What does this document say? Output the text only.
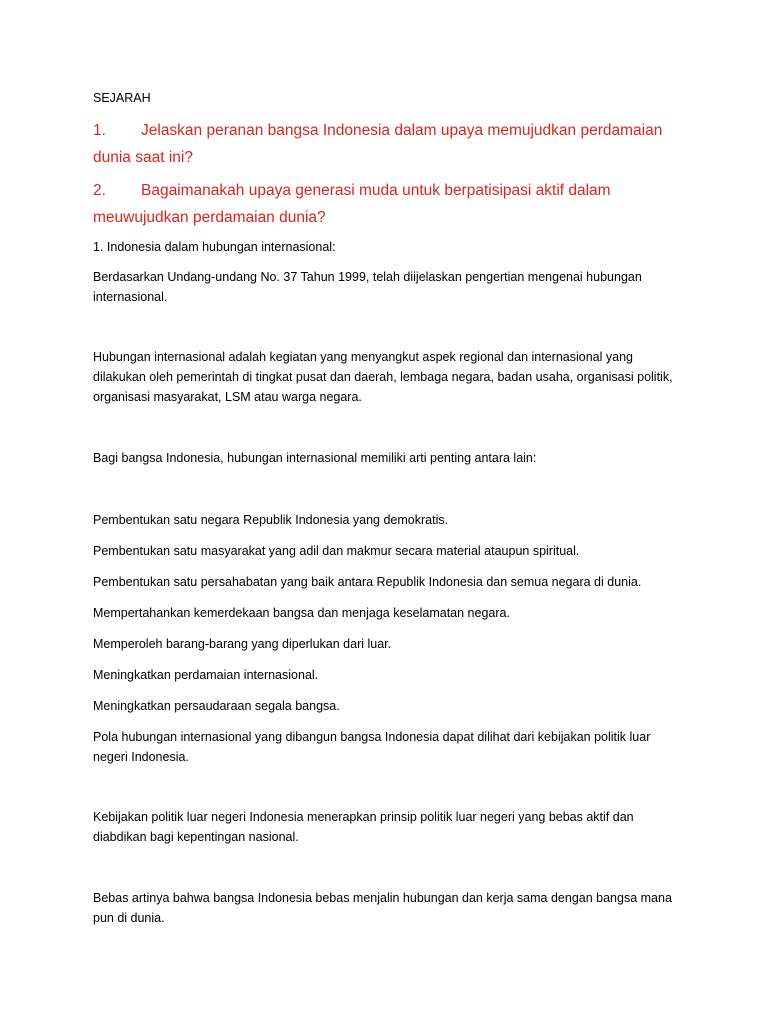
SEJARAH

1. Jelaskan peranan bangsa Indonesia dalam upaya memujudkan perdamaian dunia saat ini?

2. Bagaimanakah upaya generasi muda untuk berpatisipasi aktif dalam meuwujudkan perdamaian dunia?

1. Indonesia dalam hubungan internasional:

Berdasarkan Undang-undang No. 37 Tahun 1999, telah diijelaskan pengertian mengenai hubungan internasional.

Hubungan internasional adalah kegiatan yang menyangkut aspek regional dan internasional yang dilakukan oleh pemerintah di tingkat pusat dan daerah, lembaga negara, badan usaha, organisasi politik, organisasi masyarakat, LSM atau warga negara.

Bagi bangsa Indonesia, hubungan internasional memiliki arti penting antara lain:

Pembentukan satu negara Republik Indonesia yang demokratis.

Pembentukan satu masyarakat yang adil dan makmur secara material ataupun spiritual.

Pembentukan satu persahabatan yang baik antara Republik Indonesia dan semua negara di dunia.

Mempertahankan kemerdekaan bangsa dan menjaga keselamatan negara.

Memperoleh barang-barang yang diperlukan dari luar.

Meningkatkan perdamaian internasional.

Meningkatkan persaudaraan segala bangsa.

Pola hubungan internasional yang dibangun bangsa Indonesia dapat dilihat dari kebijakan politik luar negeri Indonesia.

Kebijakan politik luar negeri Indonesia menerapkan prinsip politik luar negeri yang bebas aktif dan diabdikan bagi kepentingan nasional.

Bebas artinya bahwa bangsa Indonesia bebas menjalin hubungan dan kerja sama dengan bangsa mana pun di dunia.
